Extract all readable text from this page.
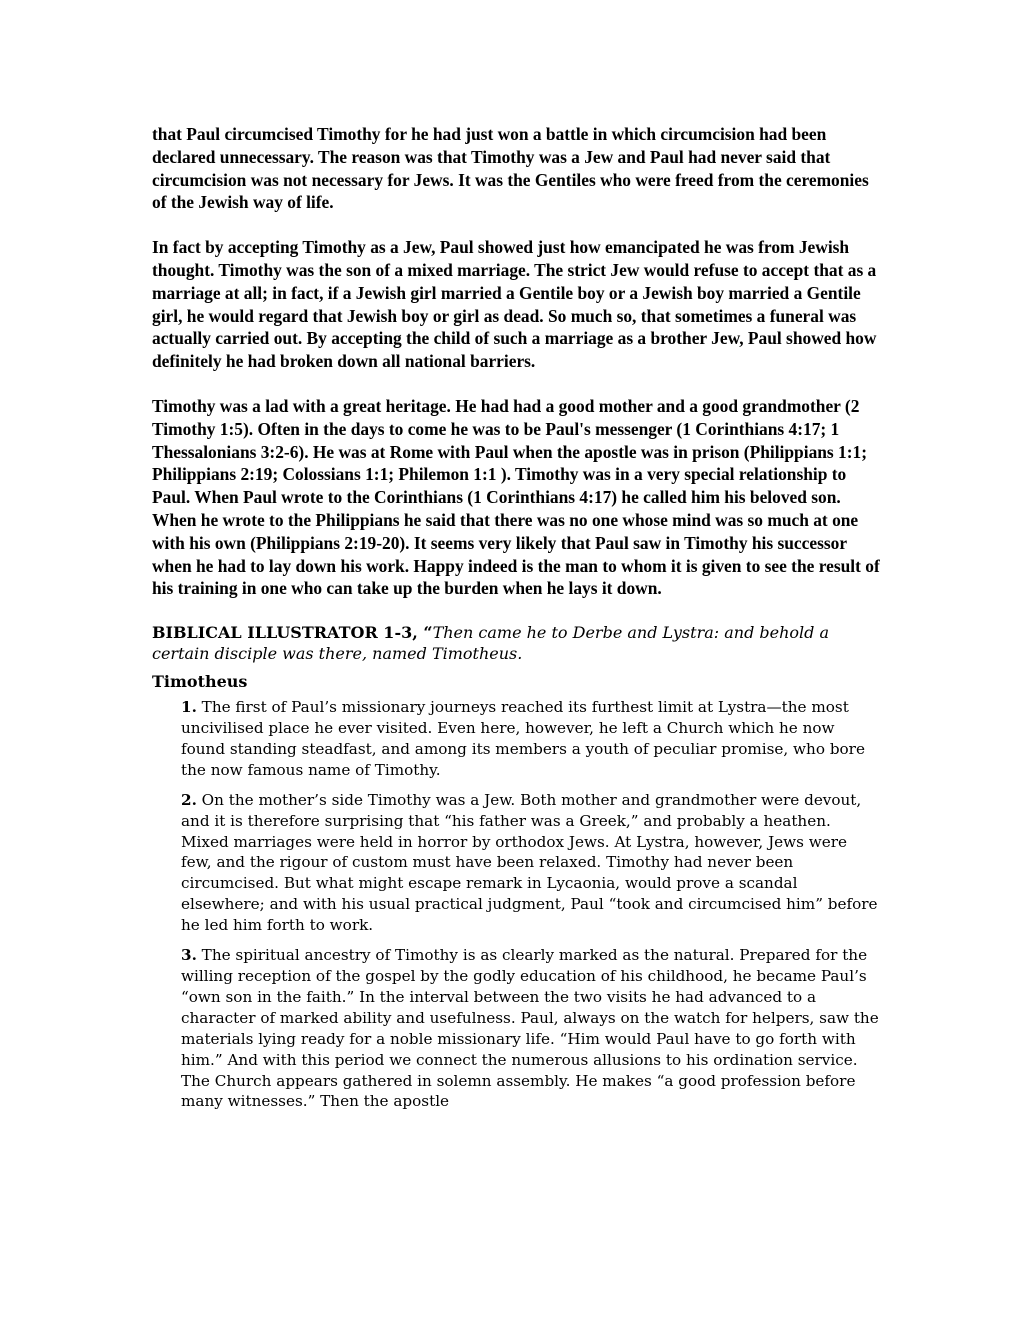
that Paul circumcised Timothy for he had just won a battle in which circumcision had been declared unnecessary. The reason was that Timothy was a Jew and Paul had never said that circumcision was not necessary for Jews. It was the Gentiles who were freed from the ceremonies of the Jewish way of life.

In fact by accepting Timothy as a Jew, Paul showed just how emancipated he was from Jewish thought. Timothy was the son of a mixed marriage. The strict Jew would refuse to accept that as a marriage at all; in fact, if a Jewish girl married a Gentile boy or a Jewish boy married a Gentile girl, he would regard that Jewish boy or girl as dead. So much so, that sometimes a funeral was actually carried out. By accepting the child of such a marriage as a brother Jew, Paul showed how definitely he had broken down all national barriers.

Timothy was a lad with a great heritage. He had had a good mother and a good grandmother (2 Timothy 1:5). Often in the days to come he was to be Paul's messenger (1 Corinthians 4:17; 1 Thessalonians 3:2-6). He was at Rome with Paul when the apostle was in prison (Philippians 1:1; Philippians 2:19; Colossians 1:1; Philemon 1:1 ). Timothy was in a very special relationship to Paul. When Paul wrote to the Corinthians (1 Corinthians 4:17) he called him his beloved son. When he wrote to the Philippians he said that there was no one whose mind was so much at one with his own (Philippians 2:19-20). It seems very likely that Paul saw in Timothy his successor when he had to lay down his work. Happy indeed is the man to whom it is given to see the result of his training in one who can take up the burden when he lays it down.

BIBLICAL ILLUSTRATOR 1-3, “Then came he to Derbe and Lystra: and behold a certain disciple was there, named Timotheus.

Timotheus

1. The first of Paul’s missionary journeys reached its furthest limit at Lystra—the most uncivilised place he ever visited. Even here, however, he left a Church which he now found standing steadfast, and among its members a youth of peculiar promise, who bore the now famous name of Timothy.

2. On the mother’s side Timothy was a Jew. Both mother and grandmother were devout, and it is therefore surprising that “his father was a Greek,” and probably a heathen. Mixed marriages were held in horror by orthodox Jews. At Lystra, however, Jews were few, and the rigour of custom must have been relaxed. Timothy had never been circumcised. But what might escape remark in Lycaonia, would prove a scandal elsewhere; and with his usual practical judgment, Paul “took and circumcised him” before he led him forth to work.

3. The spiritual ancestry of Timothy is as clearly marked as the natural. Prepared for the willing reception of the gospel by the godly education of his childhood, he became Paul’s “own son in the faith.” In the interval between the two visits he had advanced to a character of marked ability and usefulness. Paul, always on the watch for helpers, saw the materials lying ready for a noble missionary life. “Him would Paul have to go forth with him.” And with this period we connect the numerous allusions to his ordination service. The Church appears gathered in solemn assembly. He makes “a good profession before many witnesses.” Then the apostle
